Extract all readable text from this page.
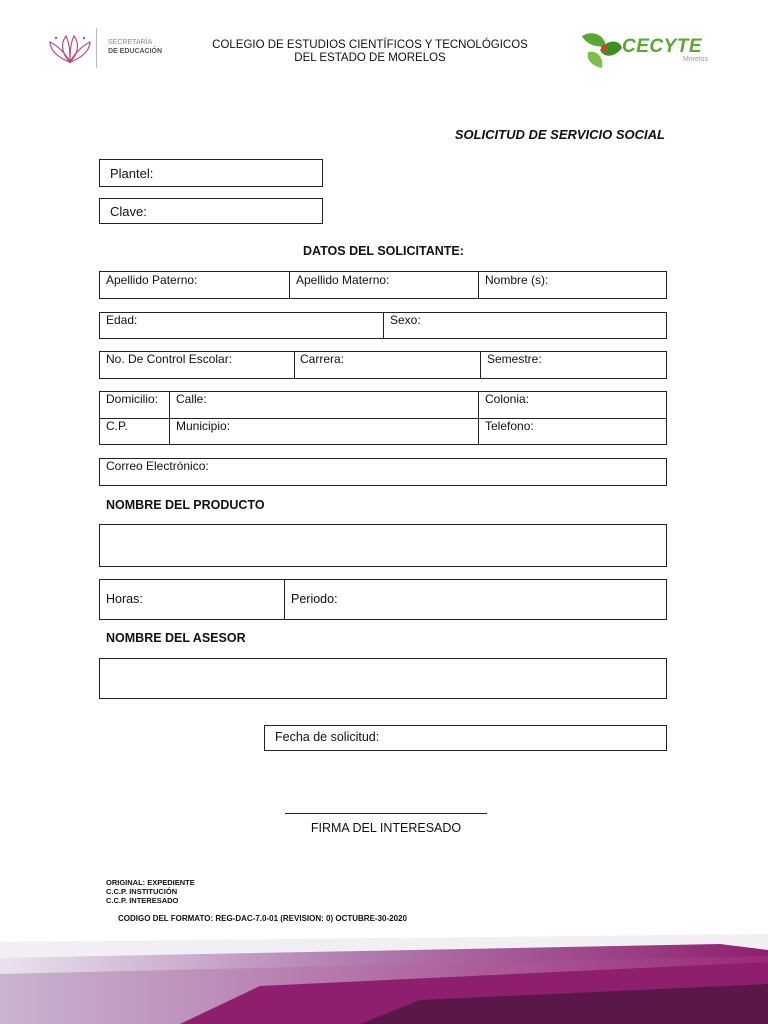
SECRETARÍA
DE EDUCACIÓN
COLEGIO DE ESTUDIOS CIENTÍFICOS Y TECNOLÓGICOS
DEL ESTADO DE MORELOS
CECYTE
Morelos
SOLICITUD DE SERVICIO SOCIAL
Plantel:
Clave:
DATOS DEL SOLICITANTE:
Apellido Paterno:	Apellido Materno:	Nombre (s):
Edad:	Sexo:
No. De Control Escolar:	Carrera:	Semestre:
Domicilio: Calle:	Colonia:
C.P.	Municipio:	Telefono:
Correo Electrónico:
NOMBRE DEL PRODUCTO
Horas:	Periodo:
NOMBRE DEL ASESOR
Fecha de solicitud:
FIRMA DEL INTERESADO
ORIGINAL: EXPEDIENTE
C.C.P. INSTITUCIÓN
C.C.P. INTERESADO
CODIGO DEL FORMATO: REG-DAC-7.0-01 (REVISION: 0) OCTUBRE-30-2020
